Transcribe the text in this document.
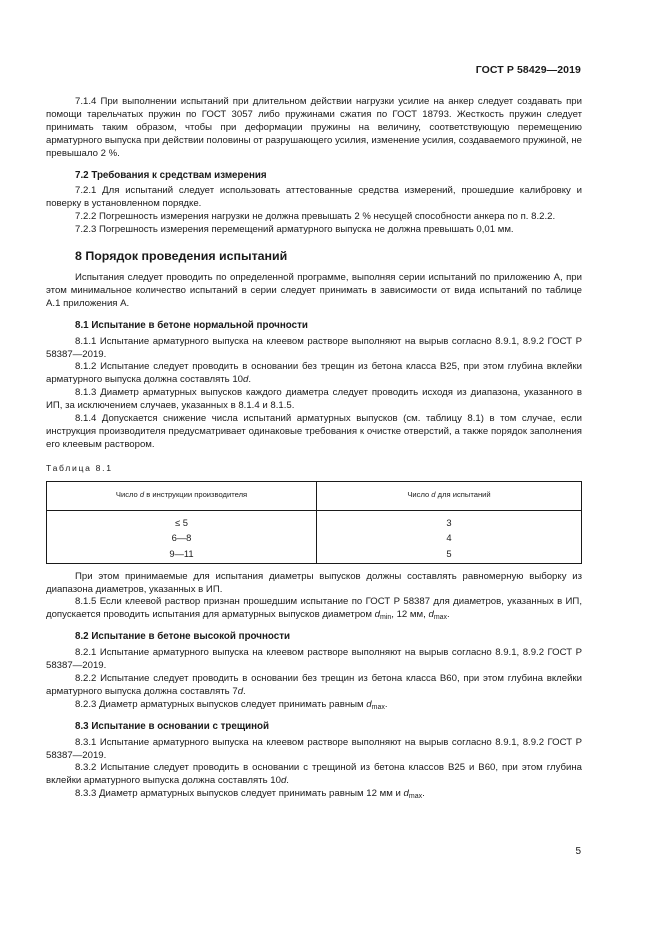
ГОСТ Р 58429—2019

7.1.4 При выполнении испытаний при длительном действии нагрузки усилие на анкер следует создавать при помощи тарельчатых пружин по ГОСТ 3057 либо пружинами сжатия по ГОСТ 18793. Жесткость пружин следует принимать таким образом, чтобы при деформации пружины на величину, соответствующую перемещению арматурного выпуска при действии половины от разрушающего усилия, изменение усилия, создаваемого пружиной, не превышало 2 %.

7.2 Требования к средствам измерения

7.2.1 Для испытаний следует использовать аттестованные средства измерений, прошедшие калибровку и поверку в установленном порядке.

7.2.2 Погрешность измерения нагрузки не должна превышать 2 % несущей способности анкера по п. 8.2.2.

7.2.3 Погрешность измерения перемещений арматурного выпуска не должна превышать 0,01 мм.

8 Порядок проведения испытаний

Испытания следует проводить по определенной программе, выполняя серии испытаний по приложению А, при этом минимальное количество испытаний в серии следует принимать в зависимости от вида испытаний по таблице А.1 приложения А.

8.1 Испытание в бетоне нормальной прочности

8.1.1 Испытание арматурного выпуска на клеевом растворе выполняют на вырыв согласно 8.9.1, 8.9.2 ГОСТ Р 58387—2019.

8.1.2 Испытание следует проводить в основании без трещин из бетона класса В25, при этом глубина вклейки арматурного выпуска должна составлять 10d.

8.1.3 Диаметр арматурных выпусков каждого диаметра следует проводить исходя из диапазона, указанного в ИП, за исключением случаев, указанных в 8.1.4 и 8.1.5.

8.1.4 Допускается снижение числа испытаний арматурных выпусков (см. таблицу 8.1) в том случае, если инструкция производителя предусматривает одинаковые требования к очистке отверстий, а также порядок заполнения его клеевым раствором.

Таблица 8.1

Число d в инструкции производителя	Число d для испытаний
≤ 5	3
6—8	4
9—11	5

При этом принимаемые для испытания диаметры выпусков должны составлять равномерную выборку из диапазона диаметров, указанных в ИП.

8.1.5 Если клеевой раствор признан прошедшим испытание по ГОСТ Р 58387 для диаметров, указанных в ИП, допускается проводить испытания для арматурных выпусков диаметром $d_{min}$, 12 мм, $d_{max}$.

8.2 Испытание в бетоне высокой прочности

8.2.1 Испытание арматурного выпуска на клеевом растворе выполняют на вырыв согласно 8.9.1, 8.9.2 ГОСТ Р 58387—2019.

8.2.2 Испытание следует проводить в основании без трещин из бетона класса В60, при этом глубина вклейки арматурного выпуска должна составлять 7d.

8.2.3 Диаметр арматурных выпусков следует принимать равным $d_{max}$.

8.3 Испытание в основании с трещиной

8.3.1 Испытание арматурного выпуска на клеевом растворе выполняют на вырыв согласно 8.9.1, 8.9.2 ГОСТ Р 58387—2019.

8.3.2 Испытание следует проводить в основании с трещиной из бетона классов В25 и В60, при этом глубина вклейки арматурного выпуска должна составлять 10d.

8.3.3 Диаметр арматурных выпусков следует принимать равным 12 мм и $d_{max}$.

5
